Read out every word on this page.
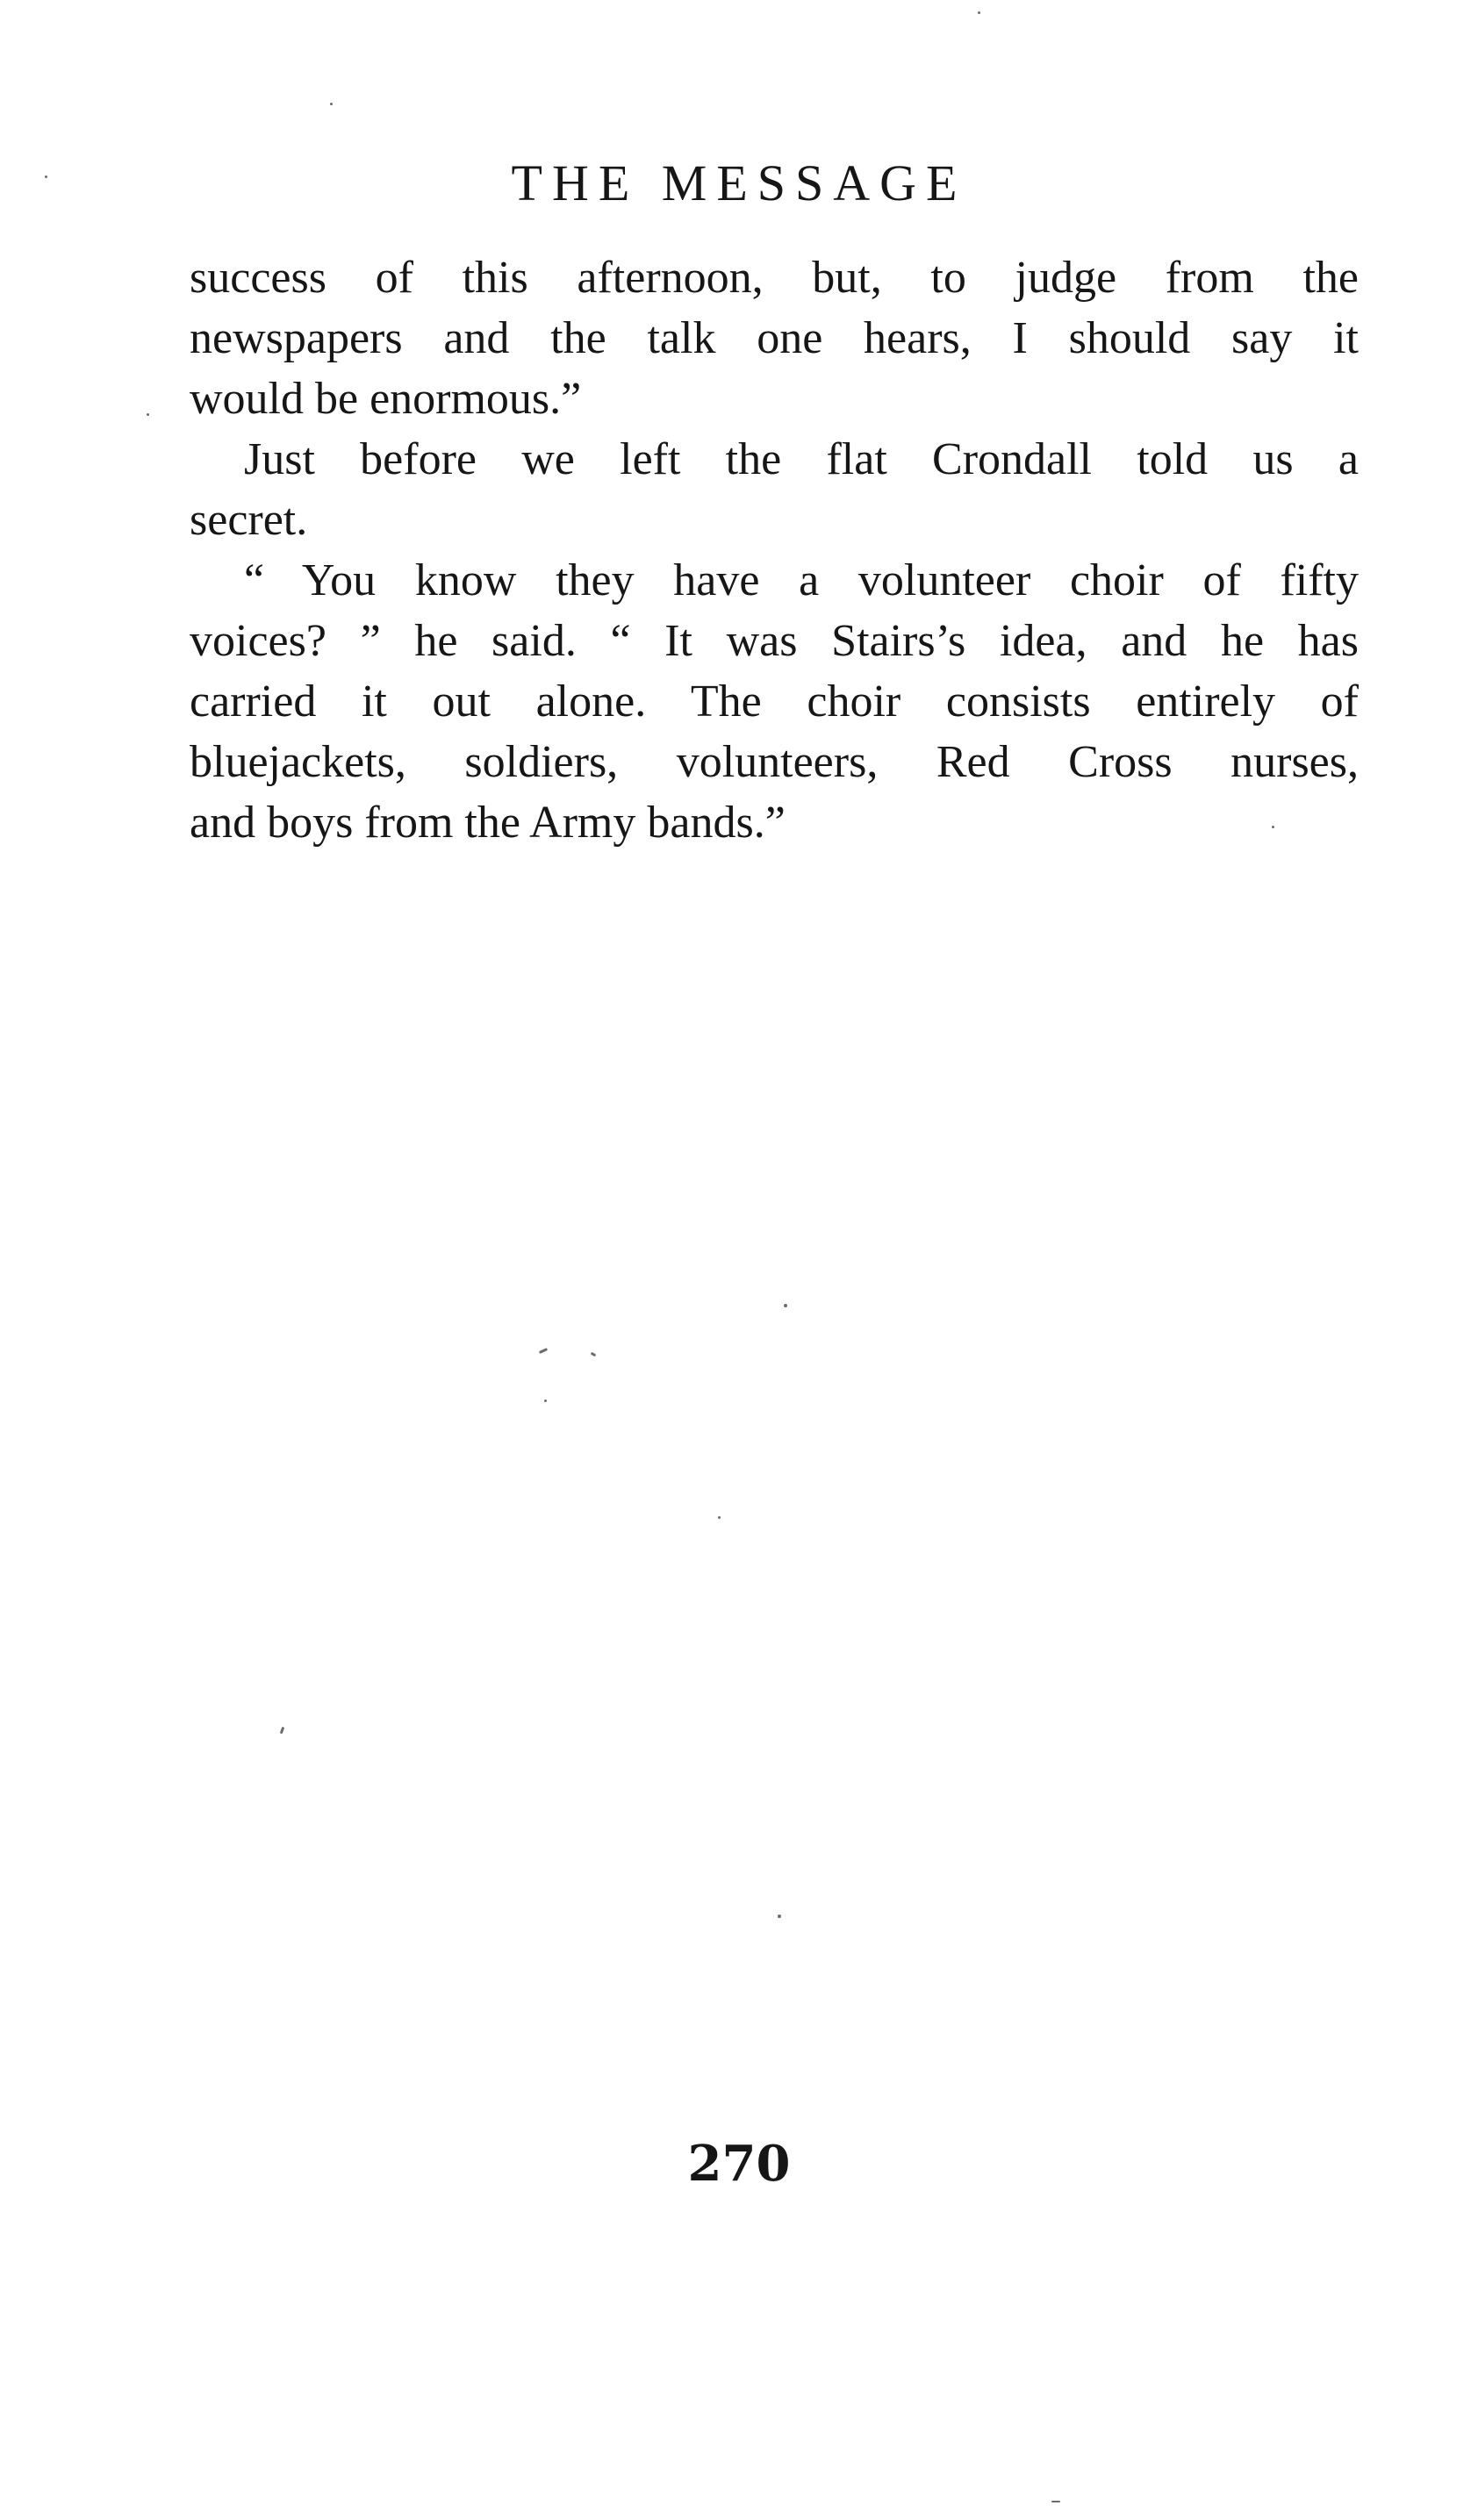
THE MESSAGE
success of this afternoon, but, to judge from the
newspapers and the talk one hears, I should say it
would be enormous.”
Just before we left the flat Crondall told us a
secret.
“ You know they have a volunteer choir of fifty
voices? ” he said. “ It was Stairs’s idea, and he has
carried it out alone. The choir consists entirely of
bluejackets, soldiers, volunteers, Red Cross nurses,
and boys from the Army bands.”
270
